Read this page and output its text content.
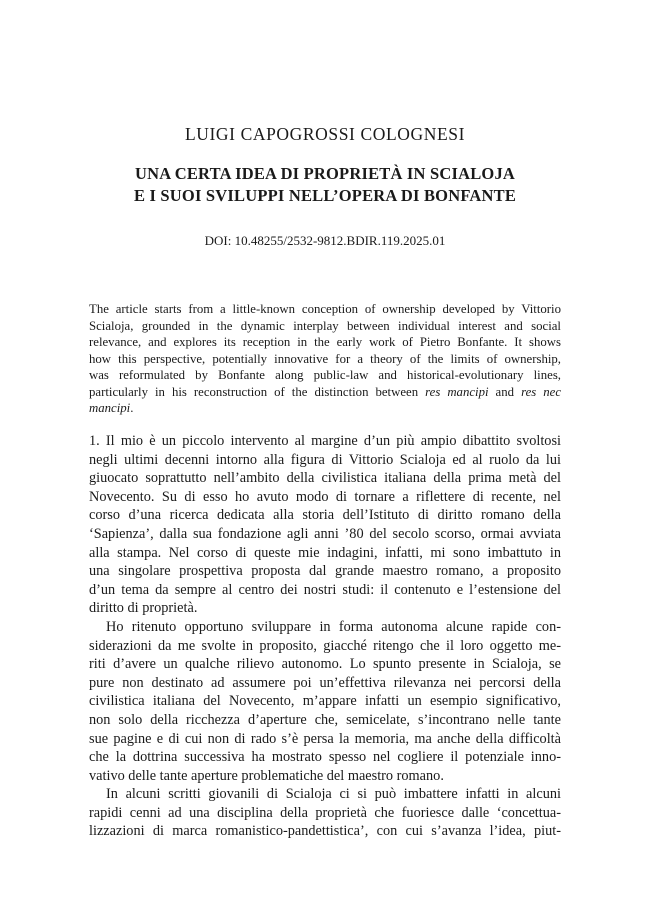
LUIGI CAPOGROSSI COLOGNESI
UNA CERTA IDEA DI PROPRIETÀ IN SCIALOJA
E I SUOI SVILUPPI NELL’OPERA DI BONFANTE
DOI: 10.48255/2532-9812.BDIR.119.2025.01
The article starts from a little-known conception of ownership developed by Vittorio
Scialoja, grounded in the dynamic interplay between individual interest and social
relevance, and explores its reception in the early work of Pietro Bonfante. It shows
how this perspective, potentially innovative for a theory of the limits of ownership,
was reformulated by Bonfante along public-law and historical-evolutionary lines,
particularly in his reconstruction of the distinction between res mancipi and res nec
mancipi.
1. Il mio è un piccolo intervento al margine d’un più ampio dibattito svoltosi
negli ultimi decenni intorno alla figura di Vittorio Scialoja ed al ruolo da lui
giuocato soprattutto nell’ambito della civilistica italiana della prima metà del
Novecento. Su di esso ho avuto modo di tornare a riflettere di recente, nel
corso d’una ricerca dedicata alla storia dell’Istituto di diritto romano della
‘Sapienza’, dalla sua fondazione agli anni ’80 del secolo scorso, ormai avviata
alla stampa. Nel corso di queste mie indagini, infatti, mi sono imbattuto in
una singolare prospettiva proposta dal grande maestro romano, a proposito
d’un tema da sempre al centro dei nostri studi: il contenuto e l’estensione del
diritto di proprietà.
Ho ritenuto opportuno sviluppare in forma autonoma alcune rapide con-
siderazioni da me svolte in proposito, giacché ritengo che il loro oggetto me-
riti d’avere un qualche rilievo autonomo. Lo spunto presente in Scialoja, se
pure non destinato ad assumere poi un’effettiva rilevanza nei percorsi della
civilistica italiana del Novecento, m’appare infatti un esempio significativo,
non solo della ricchezza d’aperture che, semicelate, s’incontrano nelle tante
sue pagine e di cui non di rado s’è persa la memoria, ma anche della difficoltà
che la dottrina successiva ha mostrato spesso nel cogliere il potenziale inno-
vativo delle tante aperture problematiche del maestro romano.
In alcuni scritti giovanili di Scialoja ci si può imbattere infatti in alcuni
rapidi cenni ad una disciplina della proprietà che fuoriesce dalle ‘concettua-
lizzazioni di marca romanistico-pandettistica’, con cui s’avanza l’idea, piut-
